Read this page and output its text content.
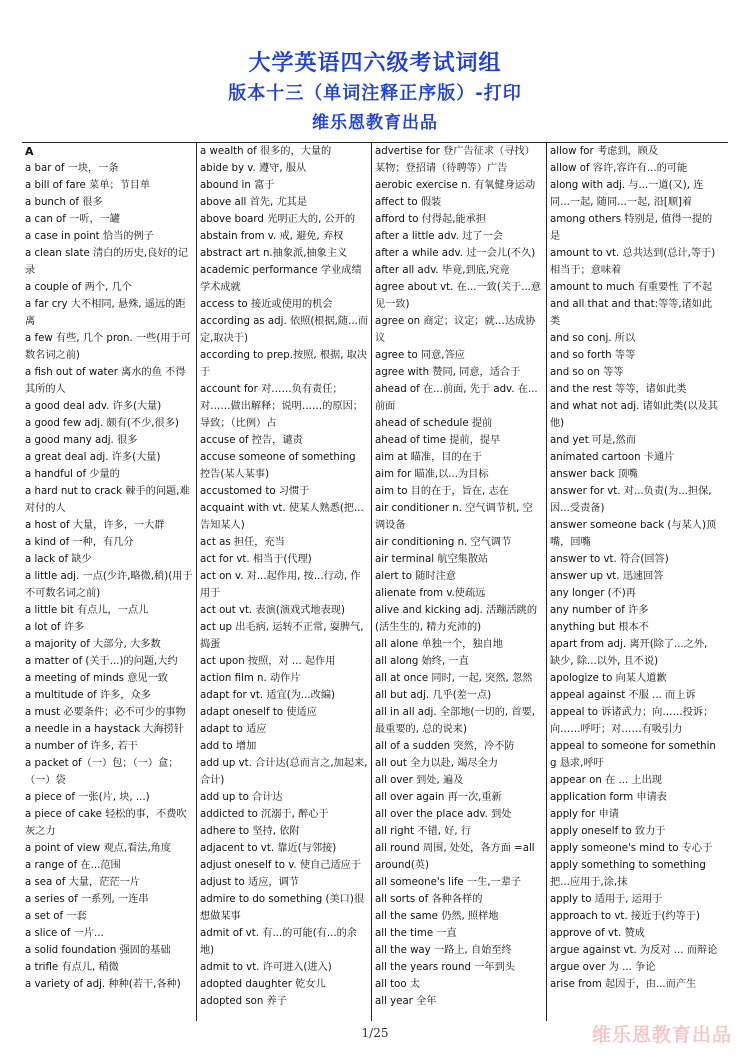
大学英语四六级考试词组
版本十三（单词注释正序版）-打印
维乐恩教育出品

A

a bar of 一块，一条

a bill of fare 菜单；节目单

a bunch of 很多

a can of 一听，一罐

a case in point 恰当的例子

a clean slate 清白的历史,良好的记录

a couple of 两个, 几个

a far cry 大不相同, 悬殊, 遥远的距离

a few 有些, 几个 pron. 一些(用于可数名词之前)

a fish out of water 离水的鱼 不得其所的人

a good deal adv. 许多(大量)

a good few adj. 颇有(不少,很多)

a good many adj. 很多

a great deal adj. 许多(大量)

a handful of 少量的

a hard nut to crack 棘手的问题,难对付的人

a host of 大量，许多，一大群

a kind of 一种，有几分

a lack of 缺少

a little adj. 一点(少许,略微,稍)(用于不可数名词之前)

a little bit 有点儿，一点儿

a lot of 许多

a majority of 大部分, 大多数

a matter of (关于...)的问题,大约

a meeting of minds 意见一致

a multitude of 许多，众多

a must 必要条件；必不可少的事物

a needle in a haystack 大海捞针

a number of 许多, 若干

a packet of（一）包；（一）盒；（一）袋

a piece of 一张(片, 块, ...)

a piece of cake 轻松的事，不费吹灰之力

a point of view 观点,看法,角度

a range of 在...范围

a sea of 大量，茫茫一片

a series of 一系列, 一连串

a set of 一套

a slice of 一片...

a solid foundation 强固的基础

a trifle 有点儿, 稍微

a variety of adj. 种种(若干,各种)

a wealth of 很多的，大量的

abide by v. 遵守, 服从

abound in 富于

above all 首先, 尤其是

above board 光明正大的, 公开的

abstain from v. 戒, 避免, 弃权

abstract art n.抽象派,抽象主义

academic performance 学业成绩 学术成就

access to 接近或使用的机会

according as adj. 依照(根据,随...而定,取决于)

according to prep.按照, 根据, 取决于

account for 对……负有责任；对……做出解释；说明……的原因；导致；（比例）占

accuse of 控告，谴责

accuse someone of something 控告(某人某事)

accustomed to 习惯于

acquaint with vt. 使某人熟悉(把...告知某人)

act as 担任，充当

act for vt. 相当于(代理)

act on v. 对...起作用, 按...行动, 作用于

act out vt. 表演(演戏式地表现)

act up 出毛病, 运转不正常, 耍脾气, 捣蛋

act upon 按照，对 ... 起作用

action film n. 动作片

adapt for vt. 适宜(为...改编)

adapt oneself to 使适应

adapt to 适应

add to 增加

add up vt. 合计达(总而言之,加起来,合计)

add up to 合计达

addicted to 沉溺于, 醉心于

adhere to 坚持, 依附

adjacent to vt. 靠近(与邻接)

adjust oneself to v. 使自己适应于

adjust to 适应，调节

admire to do something (美口)很想做某事

admit of vt. 有...的可能(有...的余地)

admit to vt. 许可进入(进入)

adopted daughter 乾女儿

adopted son 养子

advertise for 登广告征求（寻找）某物；登招请（待聘等）广告

aerobic exercise n. 有氧健身运动

affect to 假装

afford to 付得起,能承担

after a little adv. 过了一会

after a while adv. 过一会儿(不久)

after all adv. 毕竟,到底,究竟

agree about vt. 在...一致(关于...意见一致)

agree on 商定；议定；就…达成协议

agree to 同意,答应

agree with 赞同, 同意，适合于

ahead of 在...前面, 先于 adv. 在...前面

ahead of schedule 提前

ahead of time 提前，提早

aim at 瞄准，目的在于

aim for 瞄准,以...为目标

aim to 目的在于，旨在, 志在

air conditioner n. 空气调节机, 空调设备

air conditioning n. 空气调节

air terminal 航空集散站

alert to 随时注意

alienate from v.使疏远

alive and kicking adj. 活蹦活跳的(活生生的, 精力充沛的)

all alone 单独一个，独自地

all along 始终, 一直

all at once 同时, 一起, 突然, 忽然

all but adj. 几乎(差一点)

all in all adj. 全部地(一切的, 首要, 最重要的, 总的说来)

all of a sudden 突然，冷不防

all out 全力以赴, 竭尽全力

all over 到处, 遍及

all over again 再一次,重新

all over the place adv. 到处

all right 不错, 好, 行

all round 周围, 处处，各方面 =all around(英)

all someone's life 一生,一辈子

all sorts of 各种各样的

all the same 仍然, 照样地

all the time 一直

all the way 一路上, 自始至终

all the years round 一年到头

all too 太

all year 全年

allow for 考虑到，顾及

allow of 容许,容许有...的可能

along with adj. 与...一道(又), 连同...一起, 随同...一起, 沿[顺]着

among others 特别是, 值得一提的是

amount to vt. 总共达到(总计,等于)相当于；意味着

amount to much 有重要性 了不起

and all that and that:等等,诸如此类

and so conj. 所以

and so forth 等等

and so on 等等

and the rest 等等，诸如此类

and what not adj. 诸如此类(以及其他)

and yet 可是,然而

animated cartoon 卡通片

answer back 顶嘴

answer for vt. 对...负责(为...担保,因...受责备)

answer someone back (与某人)顶嘴，回嘴

answer to vt. 符合(回答)

answer up vt. 迅速回答

any longer (不)再

any number of 许多

anything but 根本不

apart from adj. 离开(除了...之外, 缺少, 除...以外, 且不说)

apologize to 向某人道歉

appeal against 不服 ... 而上诉

appeal to 诉诸武力；向……投诉；向……呼吁；对……有吸引力

appeal to someone for something 恳求,呼吁

appear on 在 ... 上出现

application form 申请表

apply for 申请

apply oneself to 致力于

apply someone's mind to 专心于

apply something to something 把...应用于,涂,抹

apply to 适用于, 运用于

approach to vt. 接近于(约等于)

approve of vt. 赞成

argue against vt. 为反对 ... 而辩论

argue over 为 ... 争论

arise from 起因于，由...而产生

1/25	维乐恩教育出品
